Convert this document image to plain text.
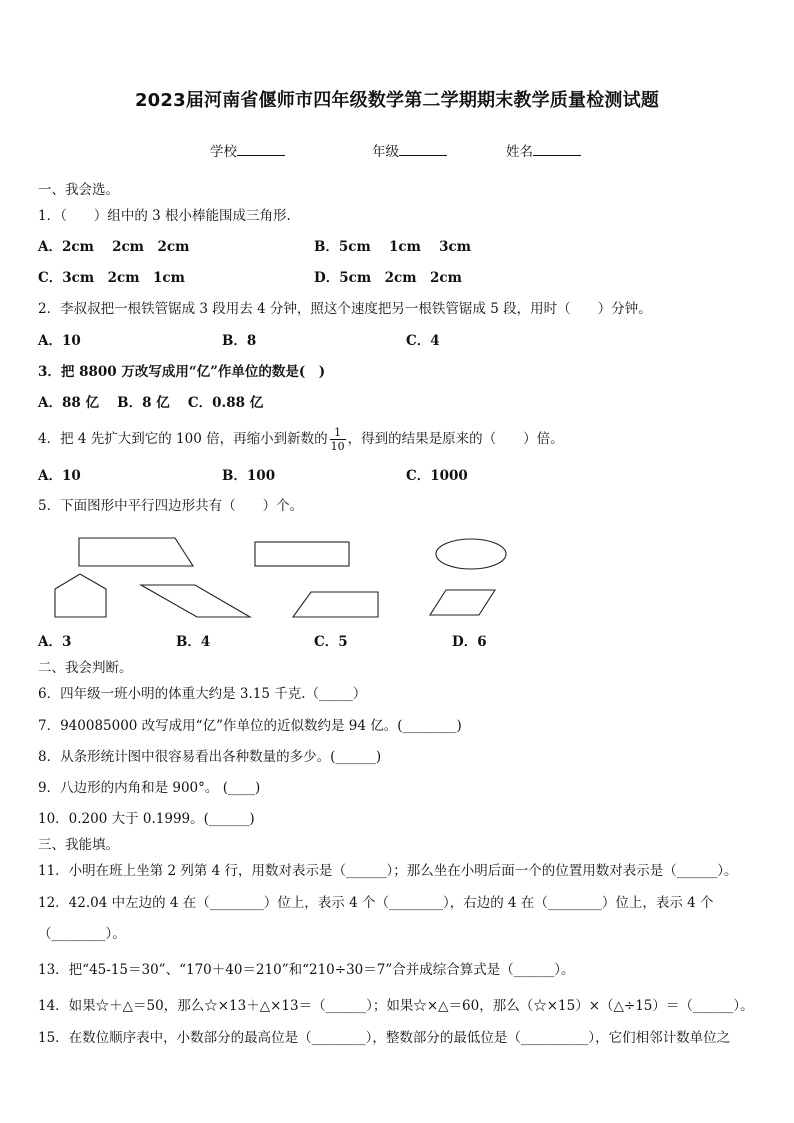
2023届河南省偃师市四年级数学第二学期期末教学质量检测试题
学校	年级	姓名
一、我会选。
1．（　　）组中的 3 根小棒能围成三角形.
A．2cm　 2cm　2cm	B．5cm　 1cm　 3cm
C．3cm　2cm　1cm	D．5cm　2cm　2cm
2．李叔叔把一根铁管锯成 3 段用去 4 分钟，照这个速度把另一根铁管锯成 5 段，用时（　　）分钟。
A．10	B．8	C．4
3．把 8800 万改写成用“亿”作单位的数是(　)
A．88 亿　 B．8 亿　 C．0.88 亿
4．把 4 先扩大到它的 100 倍，再缩小到新数的 $\frac{1}{10}$ ，得到的结果是原来的（　　）倍。
A．10	B．100	C．1000
5．下面图形中平行四边形共有（　　）个。
A．3	B．4	C．5	D．6
二、我会判断。
6．四年级一班小明的体重大约是 3.15 千克.（_____）
7．940085000 改写成用“亿”作单位的近似数约是 94 亿。(________)
8．从条形统计图中很容易看出各种数量的多少。(______)
9．八边形的内角和是 900°。 (____)
10．0.200 大于 0.1999。(______)
三、我能填。
11．小明在班上坐第 2 列第 4 行，用数对表示是（______）；那么坐在小明后面一个的位置用数对表示是（______）。
12．42.04 中左边的 4 在（________）位上，表示 4 个（________），右边的 4 在（________）位上，表示 4 个
（________）。
13．把“45-15＝30”、“170＋40＝210”和“210÷30＝7”合并成综合算式是（______）。
14．如果☆＋△＝50，那么☆×13＋△×13＝（______）；如果☆×△＝60，那么（☆×15）×（△÷15）＝（______）。
15．在数位顺序表中，小数部分的最高位是（________），整数部分的最低位是（__________），它们相邻计数单位之
